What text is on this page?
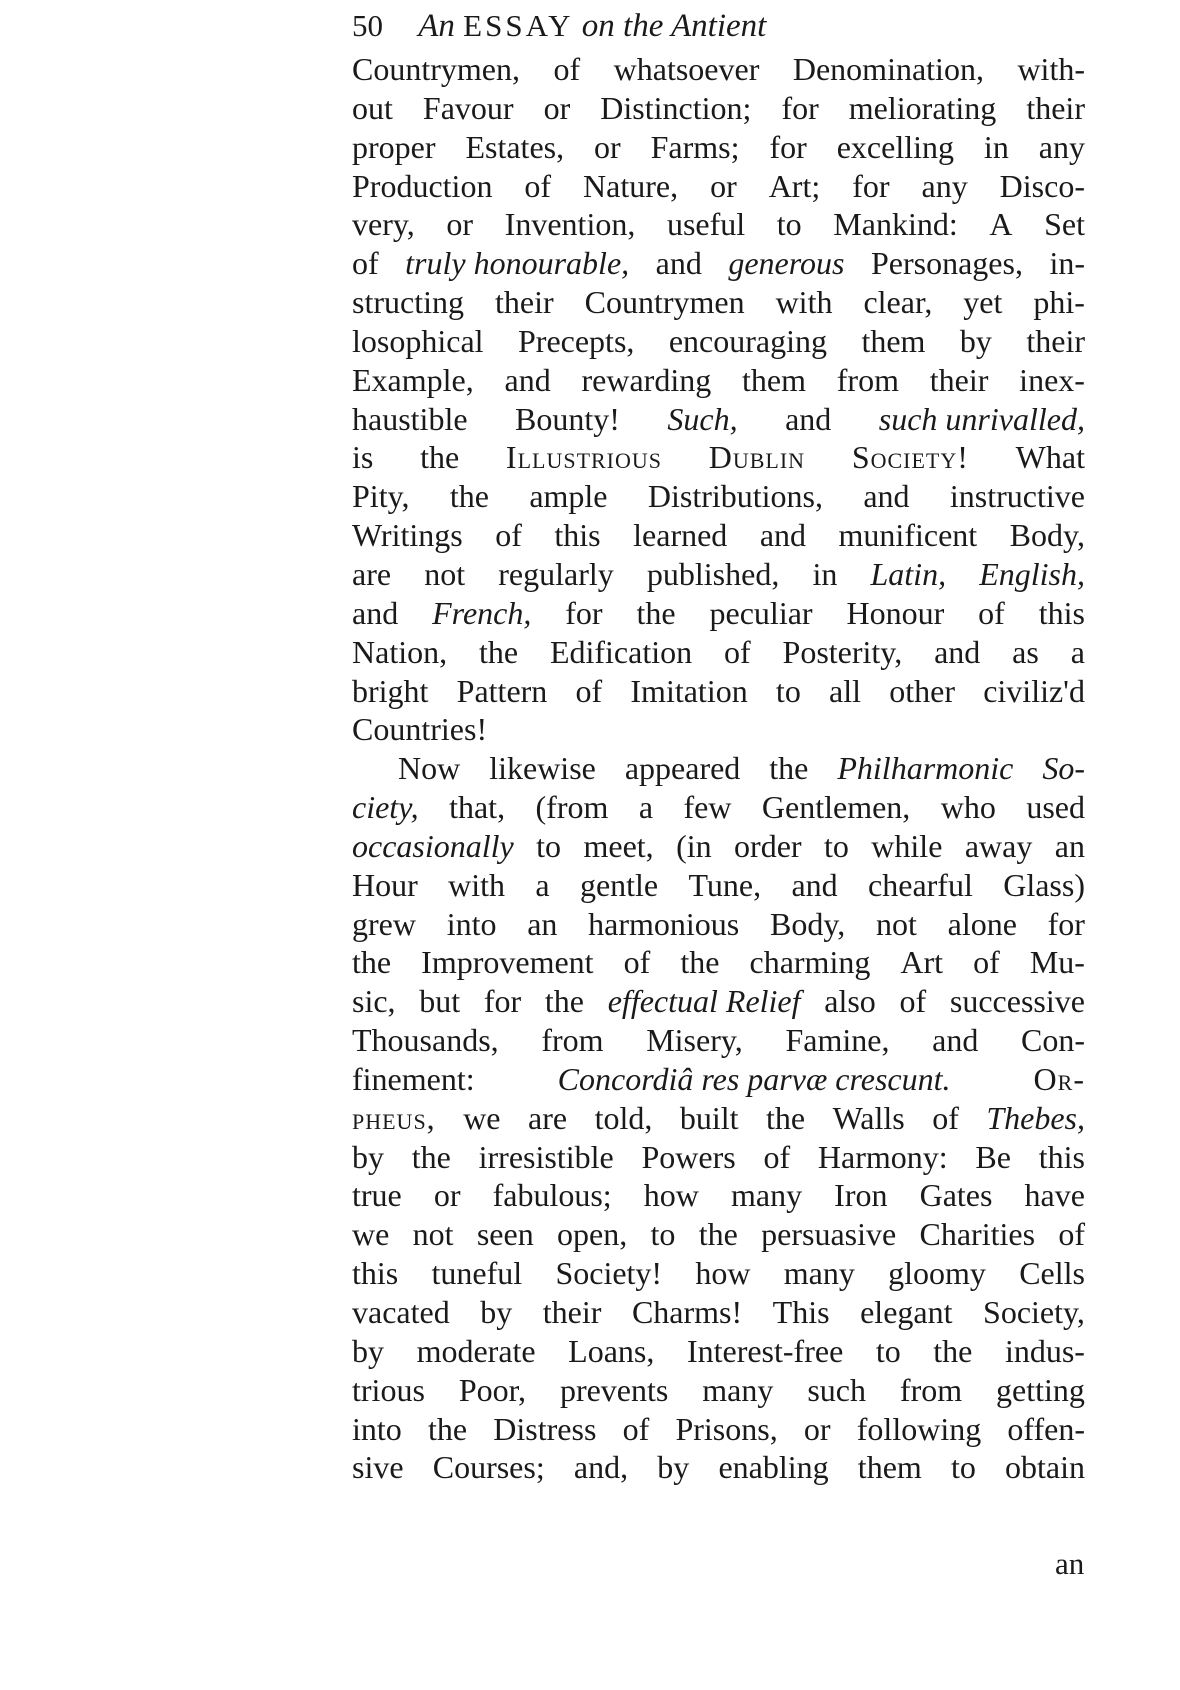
50 An ESSAY on the Antient
Countrymen, of whatsoever Denomination, with-
out Favour or Distinction; for meliorating their
proper Estates, or Farms; for excelling in any
Production of Nature, or Art; for any Disco-
very, or Invention, useful to Mankind: A Set
of truly honourable, and generous Personages, in-
structing their Countrymen with clear, yet phi-
losophical Precepts, encouraging them by their
Example, and rewarding them from their inex-
haustible Bounty! Such, and such unrivalled,
is the Illustrious Dublin Society! What
Pity, the ample Distributions, and instructive
Writings of this learned and munificent Body,
are not regularly published, in Latin, English,
and French, for the peculiar Honour of this
Nation, the Edification of Posterity, and as a
bright Pattern of Imitation to all other civiliz'd
Countries!
Now likewise appeared the Philharmonic So-
ciety, that, (from a few Gentlemen, who used
occasionally to meet, (in order to while away an
Hour with a gentle Tune, and chearful Glass)
grew into an harmonious Body, not alone for
the Improvement of the charming Art of Mu-
sic, but for the effectual Relief also of successive
Thousands, from Misery, Famine, and Con-
finement:	Concordiâ res parvæ crescunt.	Or-
pheus, we are told, built the Walls of Thebes,
by the irresistible Powers of Harmony: Be this
true or fabulous; how many Iron Gates have
we not seen open, to the persuasive Charities of
this tuneful Society! how many gloomy Cells
vacated by their Charms! This elegant Society,
by moderate Loans, Interest-free to the indus-
trious Poor, prevents many such from getting
into the Distress of Prisons, or following offen-
sive Courses; and, by enabling them to obtain
an
